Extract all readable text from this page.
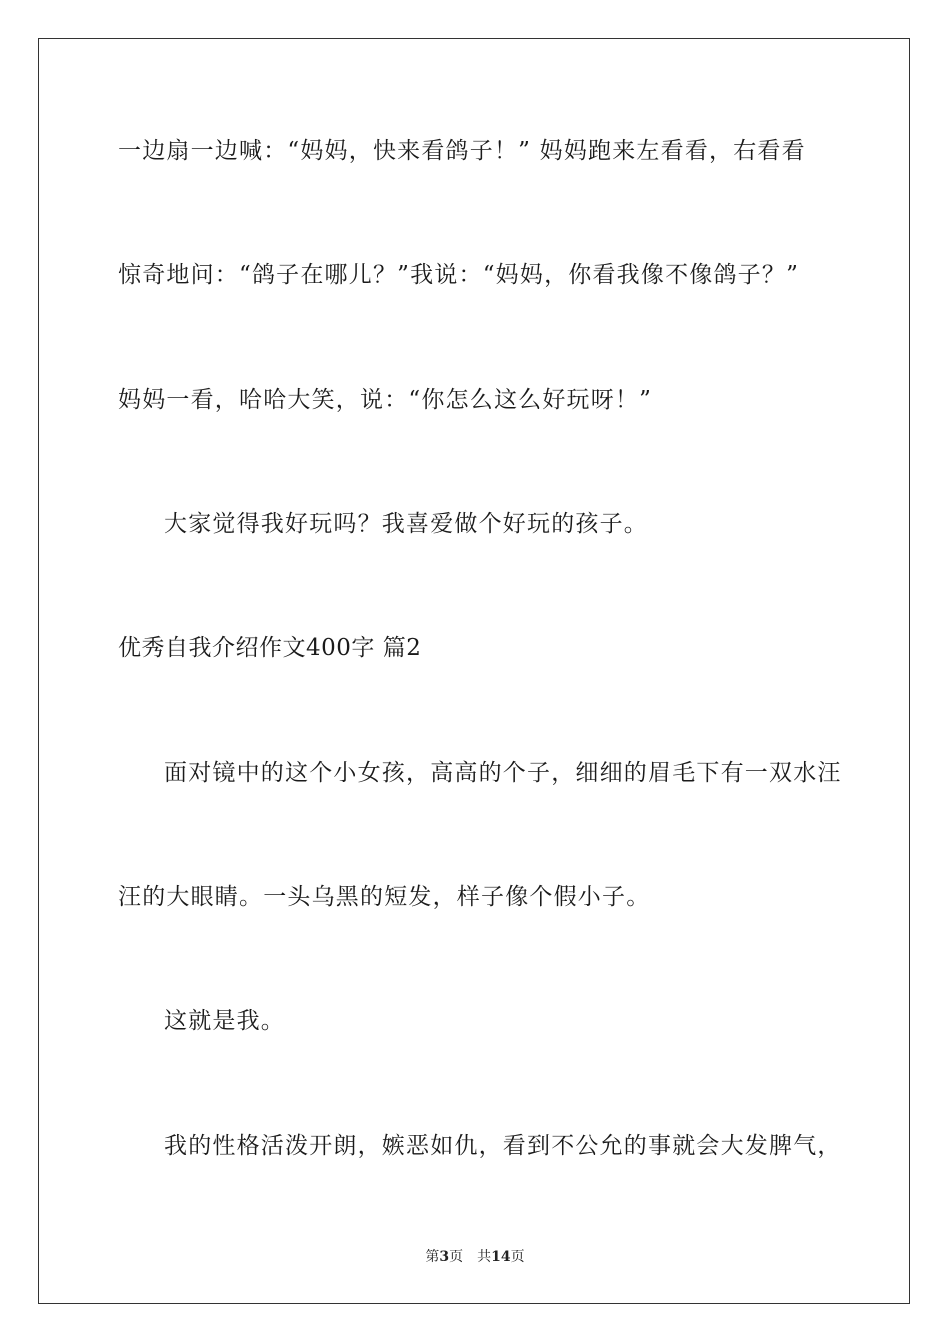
一边扇一边喊：“妈妈，快来看鸽子！” 妈妈跑来左看看，右看看
惊奇地问：“鸽子在哪儿？”我说：“妈妈，你看我像不像鸽子？”
妈妈一看，哈哈大笑，说：“你怎么这么好玩呀！”
大家觉得我好玩吗？我喜爱做个好玩的孩子。
优秀自我介绍作文400字 篇2
面对镜中的这个小女孩，高高的个子，细细的眉毛下有一双水汪
汪的大眼睛。一头乌黑的短发，样子像个假小子。
这就是我。
我的性格活泼开朗，嫉恶如仇，看到不公允的事就会大发脾气，
第3页 共14页
